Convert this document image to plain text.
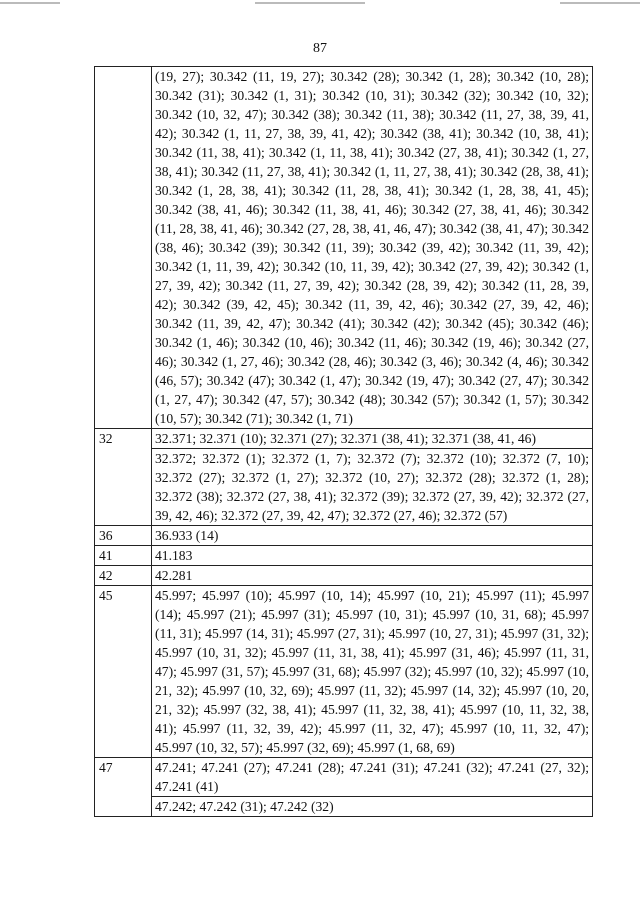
87
	(19, 27); 30.342 (11, 19, 27); 30.342 (28); 30.342 (1, 28); 30.342 (10, 28); 30.342 (31); 30.342 (1, 31); 30.342 (10, 31); 30.342 (32); 30.342 (10, 32); 30.342 (10, 32, 47); 30.342 (38); 30.342 (11, 38); 30.342 (11, 27, 38, 39, 41, 42); 30.342 (1, 11, 27, 38, 39, 41, 42); 30.342 (38, 41); 30.342 (10, 38, 41); 30.342 (11, 38, 41); 30.342 (1, 11, 38, 41); 30.342 (27, 38, 41); 30.342 (1, 27, 38, 41); 30.342 (11, 27, 38, 41); 30.342 (1, 11, 27, 38, 41); 30.342 (28, 38, 41); 30.342 (1, 28, 38, 41); 30.342 (11, 28, 38, 41); 30.342 (1, 28, 38, 41, 45); 30.342 (38, 41, 46); 30.342 (11, 38, 41, 46); 30.342 (27, 38, 41, 46); 30.342 (11, 28, 38, 41, 46); 30.342 (27, 28, 38, 41, 46, 47); 30.342 (38, 41, 47); 30.342 (38, 46); 30.342 (39); 30.342 (11, 39); 30.342 (39, 42); 30.342 (11, 39, 42); 30.342 (1, 11, 39, 42); 30.342 (10, 11, 39, 42); 30.342 (27, 39, 42); 30.342 (1, 27, 39, 42); 30.342 (11, 27, 39, 42); 30.342 (28, 39, 42); 30.342 (11, 28, 39, 42); 30.342 (39, 42, 45); 30.342 (11, 39, 42, 46); 30.342 (27, 39, 42, 46); 30.342 (11, 39, 42, 47); 30.342 (41); 30.342 (42); 30.342 (45); 30.342 (46); 30.342 (1, 46); 30.342 (10, 46); 30.342 (11, 46); 30.342 (19, 46); 30.342 (27, 46); 30.342 (1, 27, 46); 30.342 (28, 46); 30.342 (3, 46); 30.342 (4, 46); 30.342 (46, 57); 30.342 (47); 30.342 (1, 47); 30.342 (19, 47); 30.342 (27, 47); 30.342 (1, 27, 47); 30.342 (47, 57); 30.342 (48); 30.342 (57); 30.342 (1, 57); 30.342 (10, 57); 30.342 (71); 30.342 (1, 71)
32	32.371; 32.371 (10); 32.371 (27); 32.371 (38, 41); 32.371 (38, 41, 46)
	32.372; 32.372 (1); 32.372 (1, 7); 32.372 (7); 32.372 (10); 32.372 (7, 10); 32.372 (27); 32.372 (1, 27); 32.372 (10, 27); 32.372 (28); 32.372 (1, 28); 32.372 (38); 32.372 (27, 38, 41); 32.372 (39); 32.372 (27, 39, 42); 32.372 (27, 39, 42, 46); 32.372 (27, 39, 42, 47); 32.372 (27, 46); 32.372 (57)
36	36.933 (14)
41	41.183
42	42.281
45	45.997; 45.997 (10); 45.997 (10, 14); 45.997 (10, 21); 45.997 (11); 45.997 (14); 45.997 (21); 45.997 (31); 45.997 (10, 31); 45.997 (10, 31, 68); 45.997 (11, 31); 45.997 (14, 31); 45.997 (27, 31); 45.997 (10, 27, 31); 45.997 (31, 32); 45.997 (10, 31, 32); 45.997 (11, 31, 38, 41); 45.997 (31, 46); 45.997 (11, 31, 47); 45.997 (31, 57); 45.997 (31, 68); 45.997 (32); 45.997 (10, 32); 45.997 (10, 21, 32); 45.997 (10, 32, 69); 45.997 (11, 32); 45.997 (14, 32); 45.997 (10, 20, 21, 32); 45.997 (32, 38, 41); 45.997 (11, 32, 38, 41); 45.997 (10, 11, 32, 38, 41); 45.997 (11, 32, 39, 42); 45.997 (11, 32, 47); 45.997 (10, 11, 32, 47); 45.997 (10, 32, 57); 45.997 (32, 69); 45.997 (1, 68, 69)
47	47.241; 47.241 (27); 47.241 (28); 47.241 (31); 47.241 (32); 47.241 (27, 32); 47.241 (41)
	47.242; 47.242 (31); 47.242 (32)
